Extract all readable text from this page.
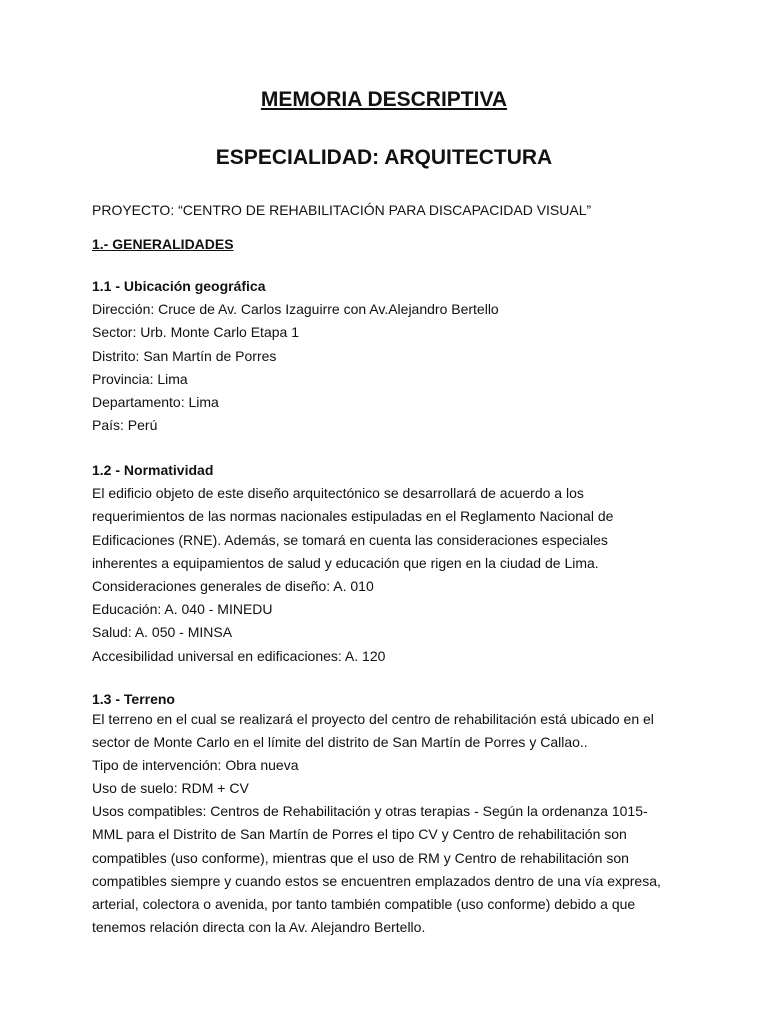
MEMORIA DESCRIPTIVA
ESPECIALIDAD: ARQUITECTURA
PROYECTO: “CENTRO DE REHABILITACIÓN PARA DISCAPACIDAD VISUAL”
1.- GENERALIDADES
1.1 - Ubicación geográfica
Dirección: Cruce de Av. Carlos Izaguirre con Av.Alejandro Bertello
Sector: Urb. Monte Carlo Etapa 1
Distrito: San Martín de Porres
Provincia: Lima
Departamento: Lima
País: Perú
1.2 - Normatividad
El edificio objeto de este diseño arquitectónico se desarrollará de acuerdo a los
requerimientos de las normas nacionales estipuladas en el Reglamento Nacional de
Edificaciones (RNE). Además, se tomará en cuenta las consideraciones especiales
inherentes a equipamientos de salud y educación que rigen en la ciudad de Lima.
Consideraciones generales de diseño: A. 010
Educación: A. 040 - MINEDU
Salud: A. 050 - MINSA
Accesibilidad universal en edificaciones: A. 120
1.3 - Terreno
El terreno en el cual se realizará el proyecto del centro de rehabilitación está ubicado en el
sector de Monte Carlo en el límite del distrito de San Martín de Porres y Callao..
Tipo de intervención: Obra nueva
Uso de suelo: RDM + CV
Usos compatibles: Centros de Rehabilitación y otras terapias - Según la ordenanza 1015-
MML para el Distrito de San Martín de Porres el tipo CV y Centro de rehabilitación son
compatibles (uso conforme), mientras que el uso de RM y Centro de rehabilitación son
compatibles siempre y cuando estos se encuentren emplazados dentro de una vía expresa,
arterial, colectora o avenida, por tanto también compatible (uso conforme) debido a que
tenemos relación directa con la Av. Alejandro Bertello.
